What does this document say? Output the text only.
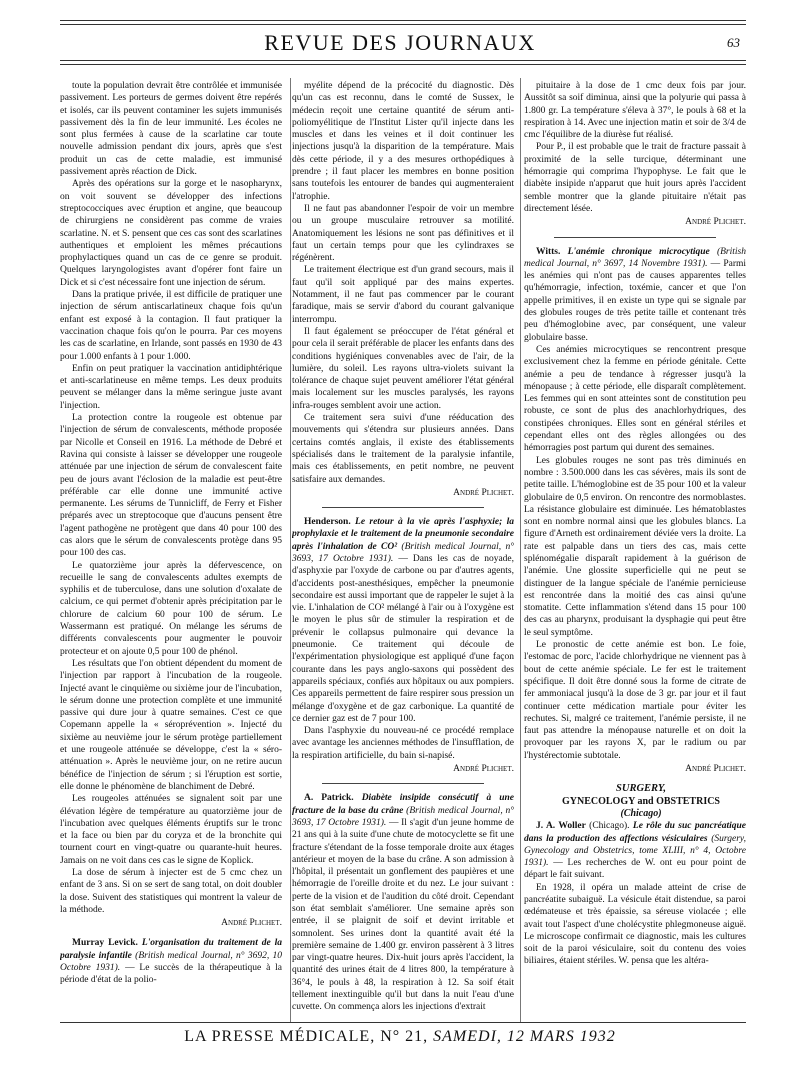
REVUE DES JOURNAUX	63

toute la population devrait être contrôlée et immunisée passivement. Les porteurs de germes doivent être repérés et isolés, car ils peuvent contaminer les sujets immunisés passivement dès la fin de leur immunité. Les écoles ne sont plus fermées à cause de la scarlatine car toute nouvelle admission pendant dix jours, après que s'est produit un cas de cette maladie, est immunisé passivement après réaction de Dick.

Après des opérations sur la gorge et le nasopharynx, on voit souvent se développer des infections streptococciques avec éruption et angine, que beaucoup de chirurgiens ne considèrent pas comme de vraies scarlatine. N. et S. pensent que ces cas sont des scarlatines authentiques et emploient les mêmes précautions prophylactiques quand un cas de ce genre se produit. Quelques laryngologistes avant d'opérer font faire un Dick et si c'est nécessaire font une injection de sérum.

Dans la pratique privée, il est difficile de pratiquer une injection de sérum antiscarlatineux chaque fois qu'un enfant est exposé à la contagion. Il faut pratiquer la vaccination chaque fois qu'on le pourra. Par ces moyens les cas de scarlatine, en Irlande, sont passés en 1930 de 43 pour 1.000 enfants à 1 pour 1.000.

Enfin on peut pratiquer la vaccination antidiphtérique et anti-scarlatineuse en même temps. Les deux produits peuvent se mélanger dans la même seringue juste avant l'injection.

La protection contre la rougeole est obtenue par l'injection de sérum de convalescents, méthode proposée par Nicolle et Conseil en 1916. La méthode de Debré et Ravina qui consiste à laisser se développer une rougeole atténuée par une injection de sérum de convalescent faite peu de jours avant l'éclosion de la maladie est peut-être préférable car elle donne une immunité active permanente. Les sérums de Tunnicliff, de Ferry et Fisher préparés avec un streptocoque que d'aucuns pensent être l'agent pathogène ne protègent que dans 40 pour 100 des cas alors que le sérum de convalescents protège dans 95 pour 100 des cas.

Le quatorzième jour après la défervescence, on recueille le sang de convalescents adultes exempts de syphilis et de tuberculose, dans une solution d'oxalate de calcium, ce qui permet d'obtenir après précipitation par le chlorure de calcium 60 pour 100 de sérum. Le Wassermann est pratiqué. On mélange les sérums de différents convalescents pour augmenter le pouvoir protecteur et on ajoute 0,5 pour 100 de phénol.

Les résultats que l'on obtient dépendent du moment de l'injection par rapport à l'incubation de la rougeole. Injecté avant le cinquième ou sixième jour de l'incubation, le sérum donne une protection complète et une immunité passive qui dure jour à quatre semaines. C'est ce que Copemann appelle la « séroprévention ». Injecté du sixième au neuvième jour le sérum protège partiellement et une rougeole atténuée se développe, c'est la « séro-atténuation ». Après le neuvième jour, on ne retire aucun bénéfice de l'injection de sérum ; si l'éruption est sortie, elle donne le phénomène de blanchiment de Debré.

Les rougeoles atténuées se signalent soit par une élévation légère de température au quatorzième jour de l'incubation avec quelques éléments éruptifs sur le tronc et la face ou bien par du coryza et de la bronchite qui tournent court en vingt-quatre ou quarante-huit heures. Jamais on ne voit dans ces cas le signe de Koplick.

La dose de sérum à injecter est de 5 cmc chez un enfant de 3 ans. Si on se sert de sang total, on doit doubler la dose. Suivent des statistiques qui montrent la valeur de la méthode.

André Plichet.

Murray Levick. L'organisation du traitement de la paralysie infantile (British medical Journal, n° 3692, 10 Octobre 1931). — Le succès de la thérapeutique à la période d'état de la polio-

myélite dépend de la précocité du diagnostic. Dès qu'un cas est reconnu, dans le comté de Sussex, le médecin reçoit une certaine quantité de sérum anti-poliomyélitique de l'Institut Lister qu'il injecte dans les muscles et dans les veines et il doit continuer les injections jusqu'à la disparition de la température. Mais dès cette période, il y a des mesures orthopédiques à prendre ; il faut placer les membres en bonne position sans toutefois les entourer de bandes qui augmenteraient l'atrophie.

Il ne faut pas abandonner l'espoir de voir un membre ou un groupe musculaire retrouver sa motilité. Anatomiquement les lésions ne sont pas définitives et il faut un certain temps pour que les cylindraxes se régénèrent.

Le traitement électrique est d'un grand secours, mais il faut qu'il soit appliqué par des mains expertes. Notamment, il ne faut pas commencer par le courant faradique, mais se servir d'abord du courant galvanique interrompu.

Il faut également se préoccuper de l'état général et pour cela il serait préférable de placer les enfants dans des conditions hygiéniques convenables avec de l'air, de la lumière, du soleil. Les rayons ultra-violets suivant la tolérance de chaque sujet peuvent améliorer l'état général mais localement sur les muscles paralysés, les rayons infra-rouges semblent avoir une action.

Ce traitement sera suivi d'une rééducation des mouvements qui s'étendra sur plusieurs années. Dans certains comtés anglais, il existe des établissements spécialisés dans le traitement de la paralysie infantile, mais ces établissements, en petit nombre, ne peuvent satisfaire aux demandes.

André Plichet.

Henderson. Le retour à la vie après l'asphyxie; la prophylaxie et le traitement de la pneumonie secondaire après l'inhalation de CO² (British medical Journal, n° 3693, 17 Octobre 1931). — Dans les cas de noyade, d'asphyxie par l'oxyde de carbone ou par d'autres agents, d'accidents post-anesthésiques, empêcher la pneumonie secondaire est aussi important que de rappeler le sujet à la vie. L'inhalation de CO² mélangé à l'air ou à l'oxygène est le moyen le plus sûr de stimuler la respiration et de prévenir le collapsus pulmonaire qui devance la pneumonie. Ce traitement qui découle de l'expérimentation physiologique est appliqué d'une façon courante dans les pays anglo-saxons qui possèdent des appareils spéciaux, confiés aux hôpitaux ou aux pompiers. Ces appareils permettent de faire respirer sous pression un mélange d'oxygène et de gaz carbonique. La quantité de ce dernier gaz est de 7 pour 100.

Dans l'asphyxie du nouveau-né ce procédé remplace avec avantage les anciennes méthodes de l'insufflation, de la respiration artificielle, du bain si-napisé.

André Plichet.

A. Patrick. Diabète insipide consécutif à une fracture de la base du crâne (British medical Journal, n° 3693, 17 Octobre 1931). — Il s'agit d'un jeune homme de 21 ans qui à la suite d'une chute de motocyclette se fit une fracture s'étendant de la fosse temporale droite aux étages antérieur et moyen de la base du crâne. A son admission à l'hôpital, il présentait un gonflement des paupières et une hémorragie de l'oreille droite et du nez. Le jour suivant : perte de la vision et de l'audition du côté droit. Cependant son état semblait s'améliorer. Une semaine après son entrée, il se plaignit de soif et devint irritable et somnolent. Ses urines dont la quantité avait été la première semaine de 1.400 gr. environ passèrent à 3 litres par vingt-quatre heures. Dix-huit jours après l'accident, la quantité des urines était de 4 litres 800, la température à 36°4, le pouls à 48, la respiration à 12. Sa soif était tellement inextinguible qu'il but dans la nuit l'eau d'une cuvette. On commença alors les injections d'extrait

pituitaire à la dose de 1 cmc deux fois par jour. Aussitôt sa soif diminua, ainsi que la polyurie qui passa à 1.800 gr. La température s'éleva à 37°, le pouls à 68 et la respiration à 14. Avec une injection matin et soir de 3/4 de cmc l'équilibre de la diurèse fut réalisé.

Pour P., il est probable que le trait de fracture passait à proximité de la selle turcique, déterminant une hémorragie qui comprima l'hypophyse. Le fait que le diabète insipide n'apparut que huit jours après l'accident semble montrer que la glande pituitaire n'était pas directement lésée.

André Plichet.

Witts. L'anémie chronique microcytique (British medical Journal, n° 3697, 14 Novembre 1931). — Parmi les anémies qui n'ont pas de causes apparentes telles qu'hémorragie, infection, toxémie, cancer et que l'on appelle primitives, il en existe un type qui se signale par des globules rouges de très petite taille et contenant très peu d'hémoglobine avec, par conséquent, une valeur globulaire basse.

Ces anémies microcytiques se rencontrent presque exclusivement chez la femme en période génitale. Cette anémie a peu de tendance à régresser jusqu'à la ménopause ; à cette période, elle disparaît complètement. Les femmes qui en sont atteintes sont de constitution peu robuste, ce sont de plus des anachlorhydriques, des constipées chroniques. Elles sont en général stériles et cependant elles ont des règles allongées ou des hémorragies post partum qui durent des semaines.

Les globules rouges ne sont pas très diminués en nombre : 3.500.000 dans les cas sévères, mais ils sont de petite taille. L'hémoglobine est de 35 pour 100 et la valeur globulaire de 0,5 environ. On rencontre des normoblastes. La résistance globulaire est diminuée. Les hématoblastes sont en nombre normal ainsi que les globules blancs. La figure d'Arneth est ordinairement déviée vers la droite. La rate est palpable dans un tiers des cas, mais cette splénomégalie disparaît rapidement à la guérison de l'anémie. Une glossite superficielle qui ne peut se distinguer de la langue spéciale de l'anémie pernicieuse est rencontrée dans la moitié des cas ainsi qu'une stomatite. Cette inflammation s'étend dans 15 pour 100 des cas au pharynx, produisant la dysphagie qui peut être le seul symptôme.

Le pronostic de cette anémie est bon. Le foie, l'estomac de porc, l'acide chlorhydrique ne viennent pas à bout de cette anémie spéciale. Le fer est le traitement spécifique. Il doit être donné sous la forme de citrate de fer ammoniacal jusqu'à la dose de 3 gr. par jour et il faut continuer cette médication martiale pour éviter les rechutes. Si, malgré ce traitement, l'anémie persiste, il ne faut pas attendre la ménopause naturelle et on doit la provoquer par les rayons X, par le radium ou par l'hystérectomie subtotale.

André Plichet.

SURGERY,

GYNECOLOGY and OBSTETRICS

(Chicago)

J. A. Woller (Chicago). Le rôle du suc pancréatique dans la production des affections vésiculaires (Surgery, Gynecology and Obstetrics, tome XLIII, n° 4, Octobre 1931). — Les recherches de W. ont eu pour point de départ le fait suivant.

En 1928, il opéra un malade atteint de crise de pancréatite subaiguë. La vésicule était distendue, sa paroi œdémateuse et très épaissie, sa séreuse violacée ; elle avait tout l'aspect d'une cholécystite phlegmoneuse aiguë. Le microscope confirmait ce diagnostic, mais les cultures soit de la paroi vésiculaire, soit du contenu des voies biliaires, étaient stériles. W. pensa que les altéra-

LA PRESSE MÉDICALE, N° 21, SAMEDI, 12 MARS 1932
